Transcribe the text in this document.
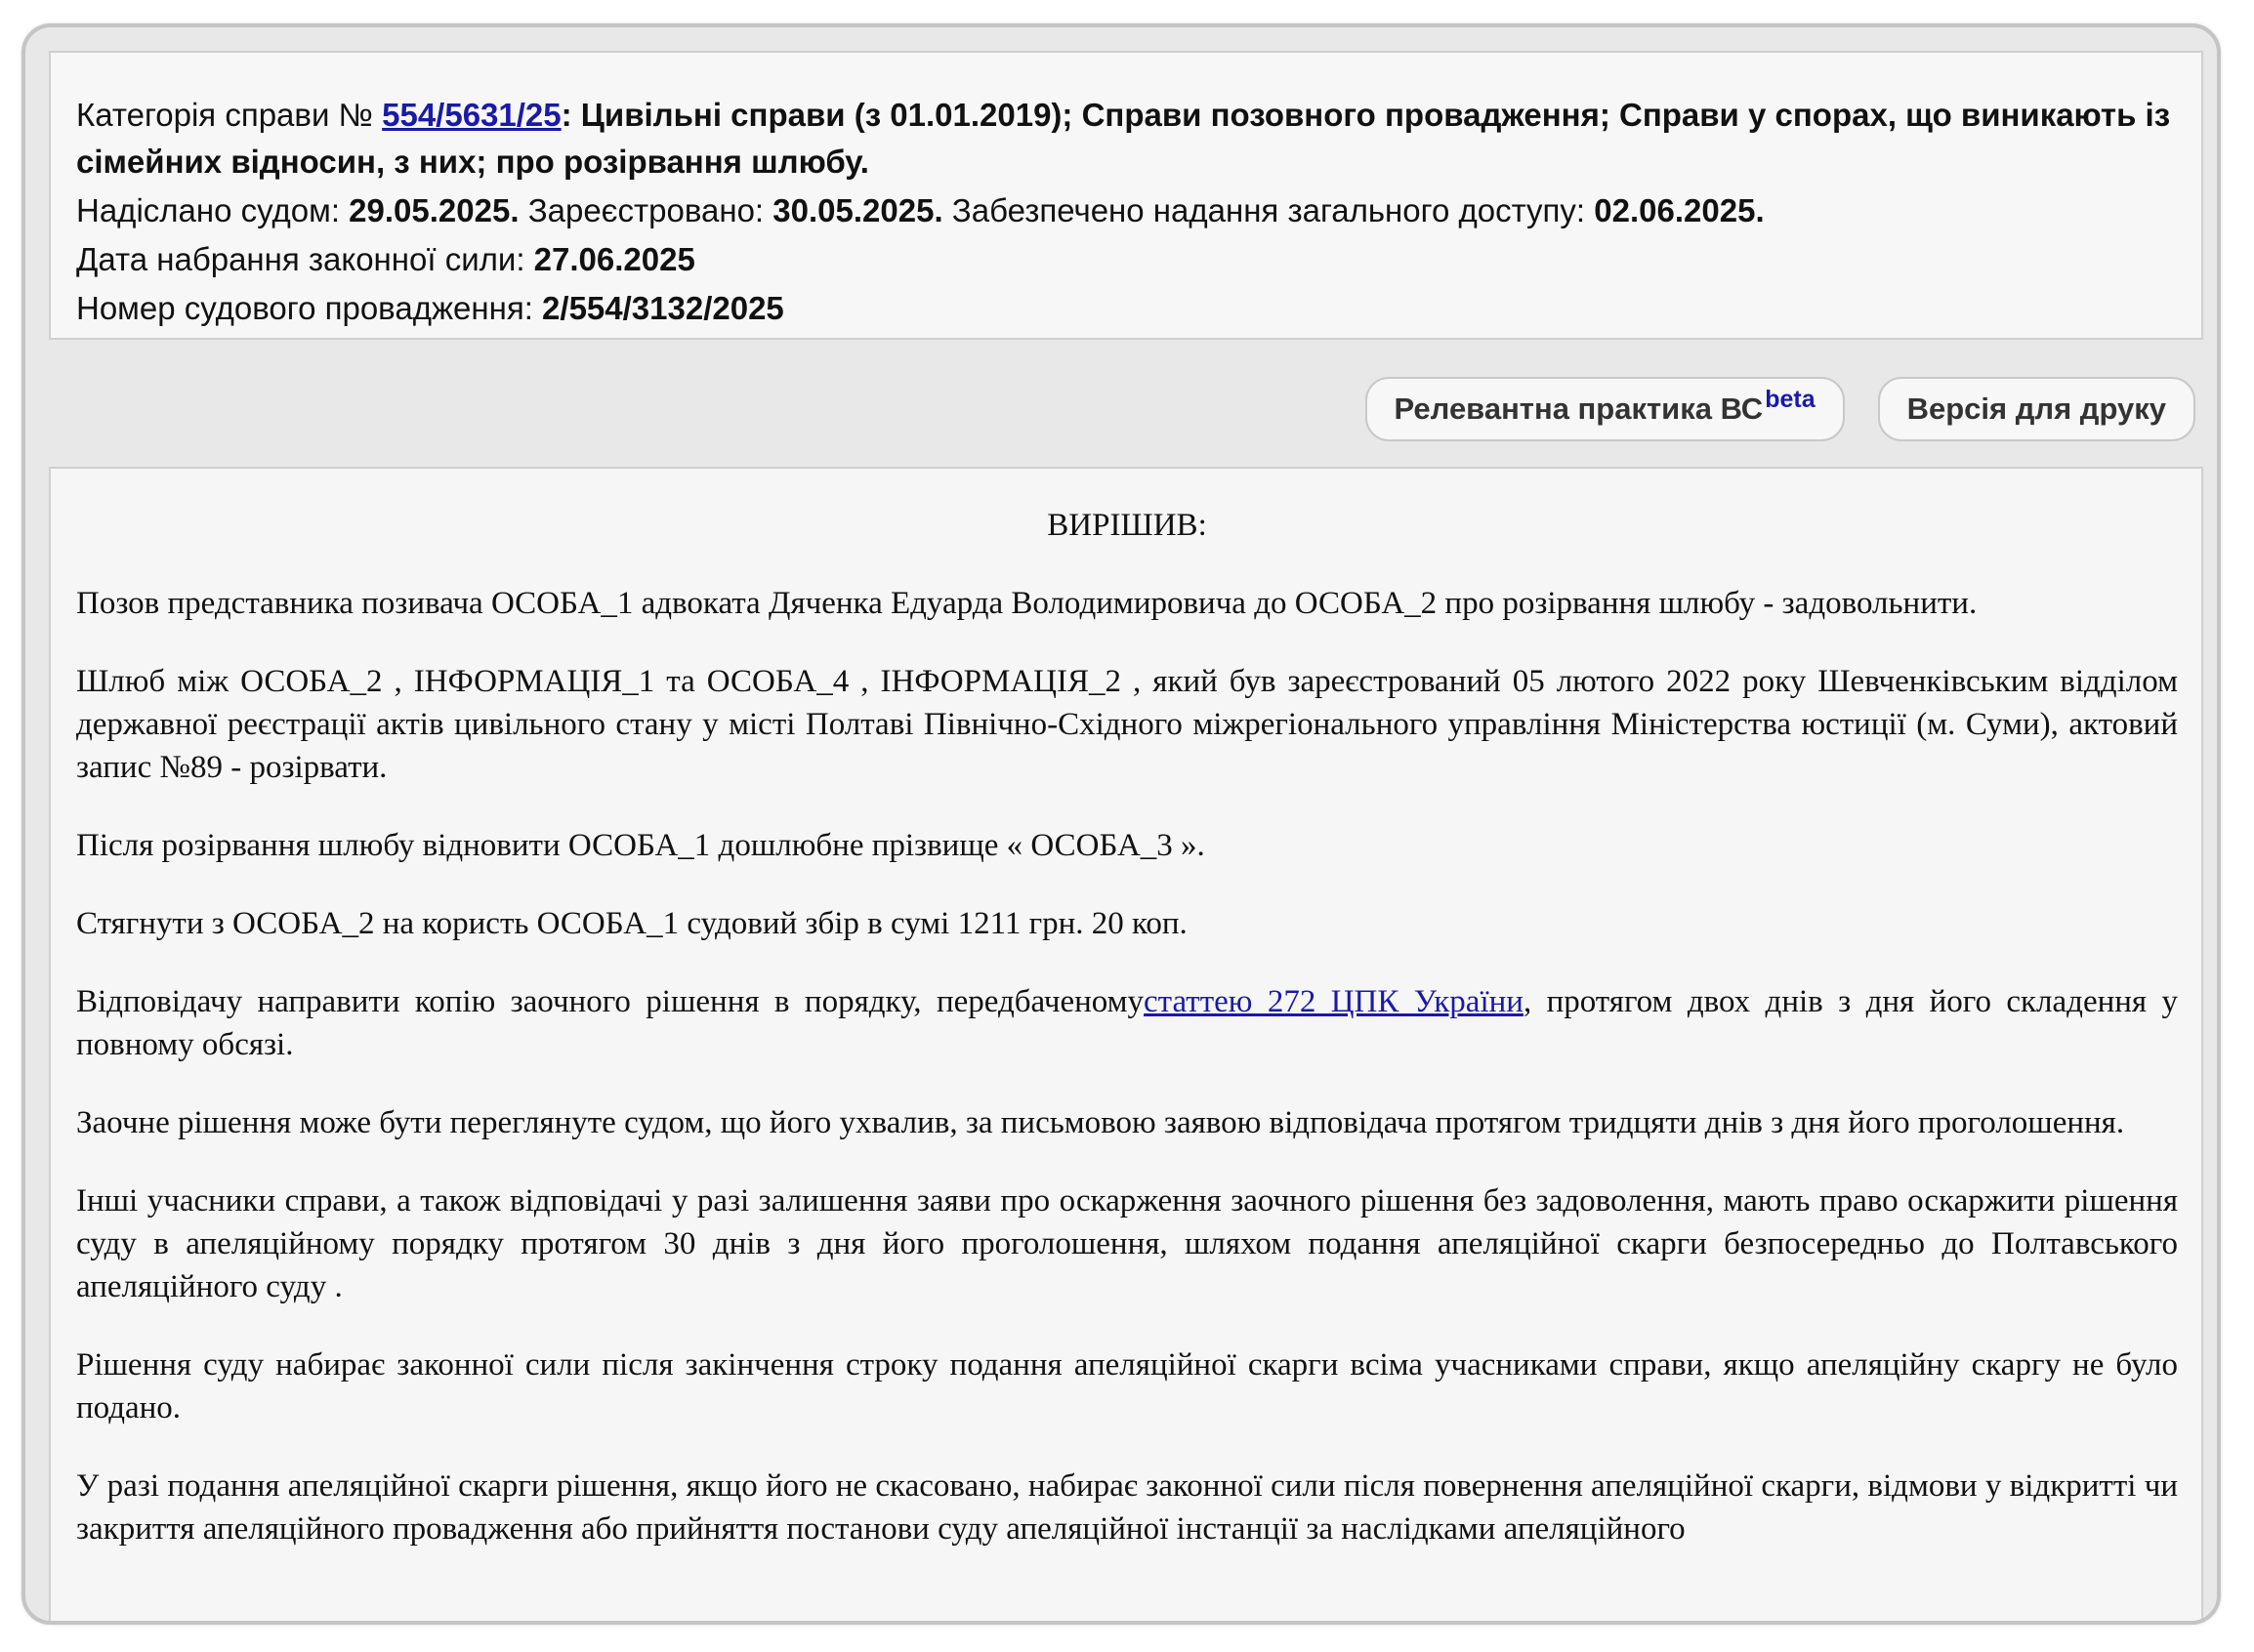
Категорія справи № 554/5631/25: Цивільні справи (з 01.01.2019); Справи позовного провадження; Справи у спорах, що виникають із сімейних відносин, з них; про розірвання шлюбу.
Надіслано судом: 29.05.2025. Зареєстровано: 30.05.2025. Забезпечено надання загального доступу: 02.06.2025.
Дата набрання законної сили: 27.06.2025
Номер судового провадження: 2/554/3132/2025
Релевантна практика $ВС^{beta}$	Версія для друку
ВИРІШИВ:

Позов представника позивача ОСОБА_1 адвоката Дяченка Едуарда Володимировича до ОСОБА_2 про розірвання шлюбу - задовольнити.

Шлюб між ОСОБА_2 , ІНФОРМАЦІЯ_1 та ОСОБА_4 , ІНФОРМАЦІЯ_2 , який був зареєстрований 05 лютого 2022 року Шевченківським відділом державної реєстрації актів цивільного стану у місті Полтаві Північно-Східного міжрегіонального управління Міністерства юстиції (м. Суми), актовий запис №89 - розірвати.

Після розірвання шлюбу відновити ОСОБА_1 дошлюбне прізвище « ОСОБА_3 ».

Стягнути з ОСОБА_2 на користь ОСОБА_1 судовий збір в сумі 1211 грн. 20 коп.

Відповідачу направити копію заочного рішення в порядку, передбаченомустаттею 272 ЦПК України, протягом двох днів з дня його складення у повному обсязі.

Заочне рішення може бути переглянуте судом, що його ухвалив, за письмовою заявою відповідача протягом тридцяти днів з дня його проголошення.

Інші учасники справи, а також відповідачі у разі залишення заяви про оскарження заочного рішення без задоволення, мають право оскаржити рішення суду в апеляційному порядку протягом 30 днів з дня його проголошення, шляхом подання апеляційної скарги безпосередньо до Полтавського апеляційного суду .

Рішення суду набирає законної сили після закінчення строку подання апеляційної скарги всіма учасниками справи, якщо апеляційну скаргу не було подано.

У разі подання апеляційної скарги рішення, якщо його не скасовано, набирає законної сили після повернення апеляційної скарги, відмови у відкритті чи закриття апеляційного провадження або прийняття постанови суду апеляційної інстанції за наслідками апеляційного
